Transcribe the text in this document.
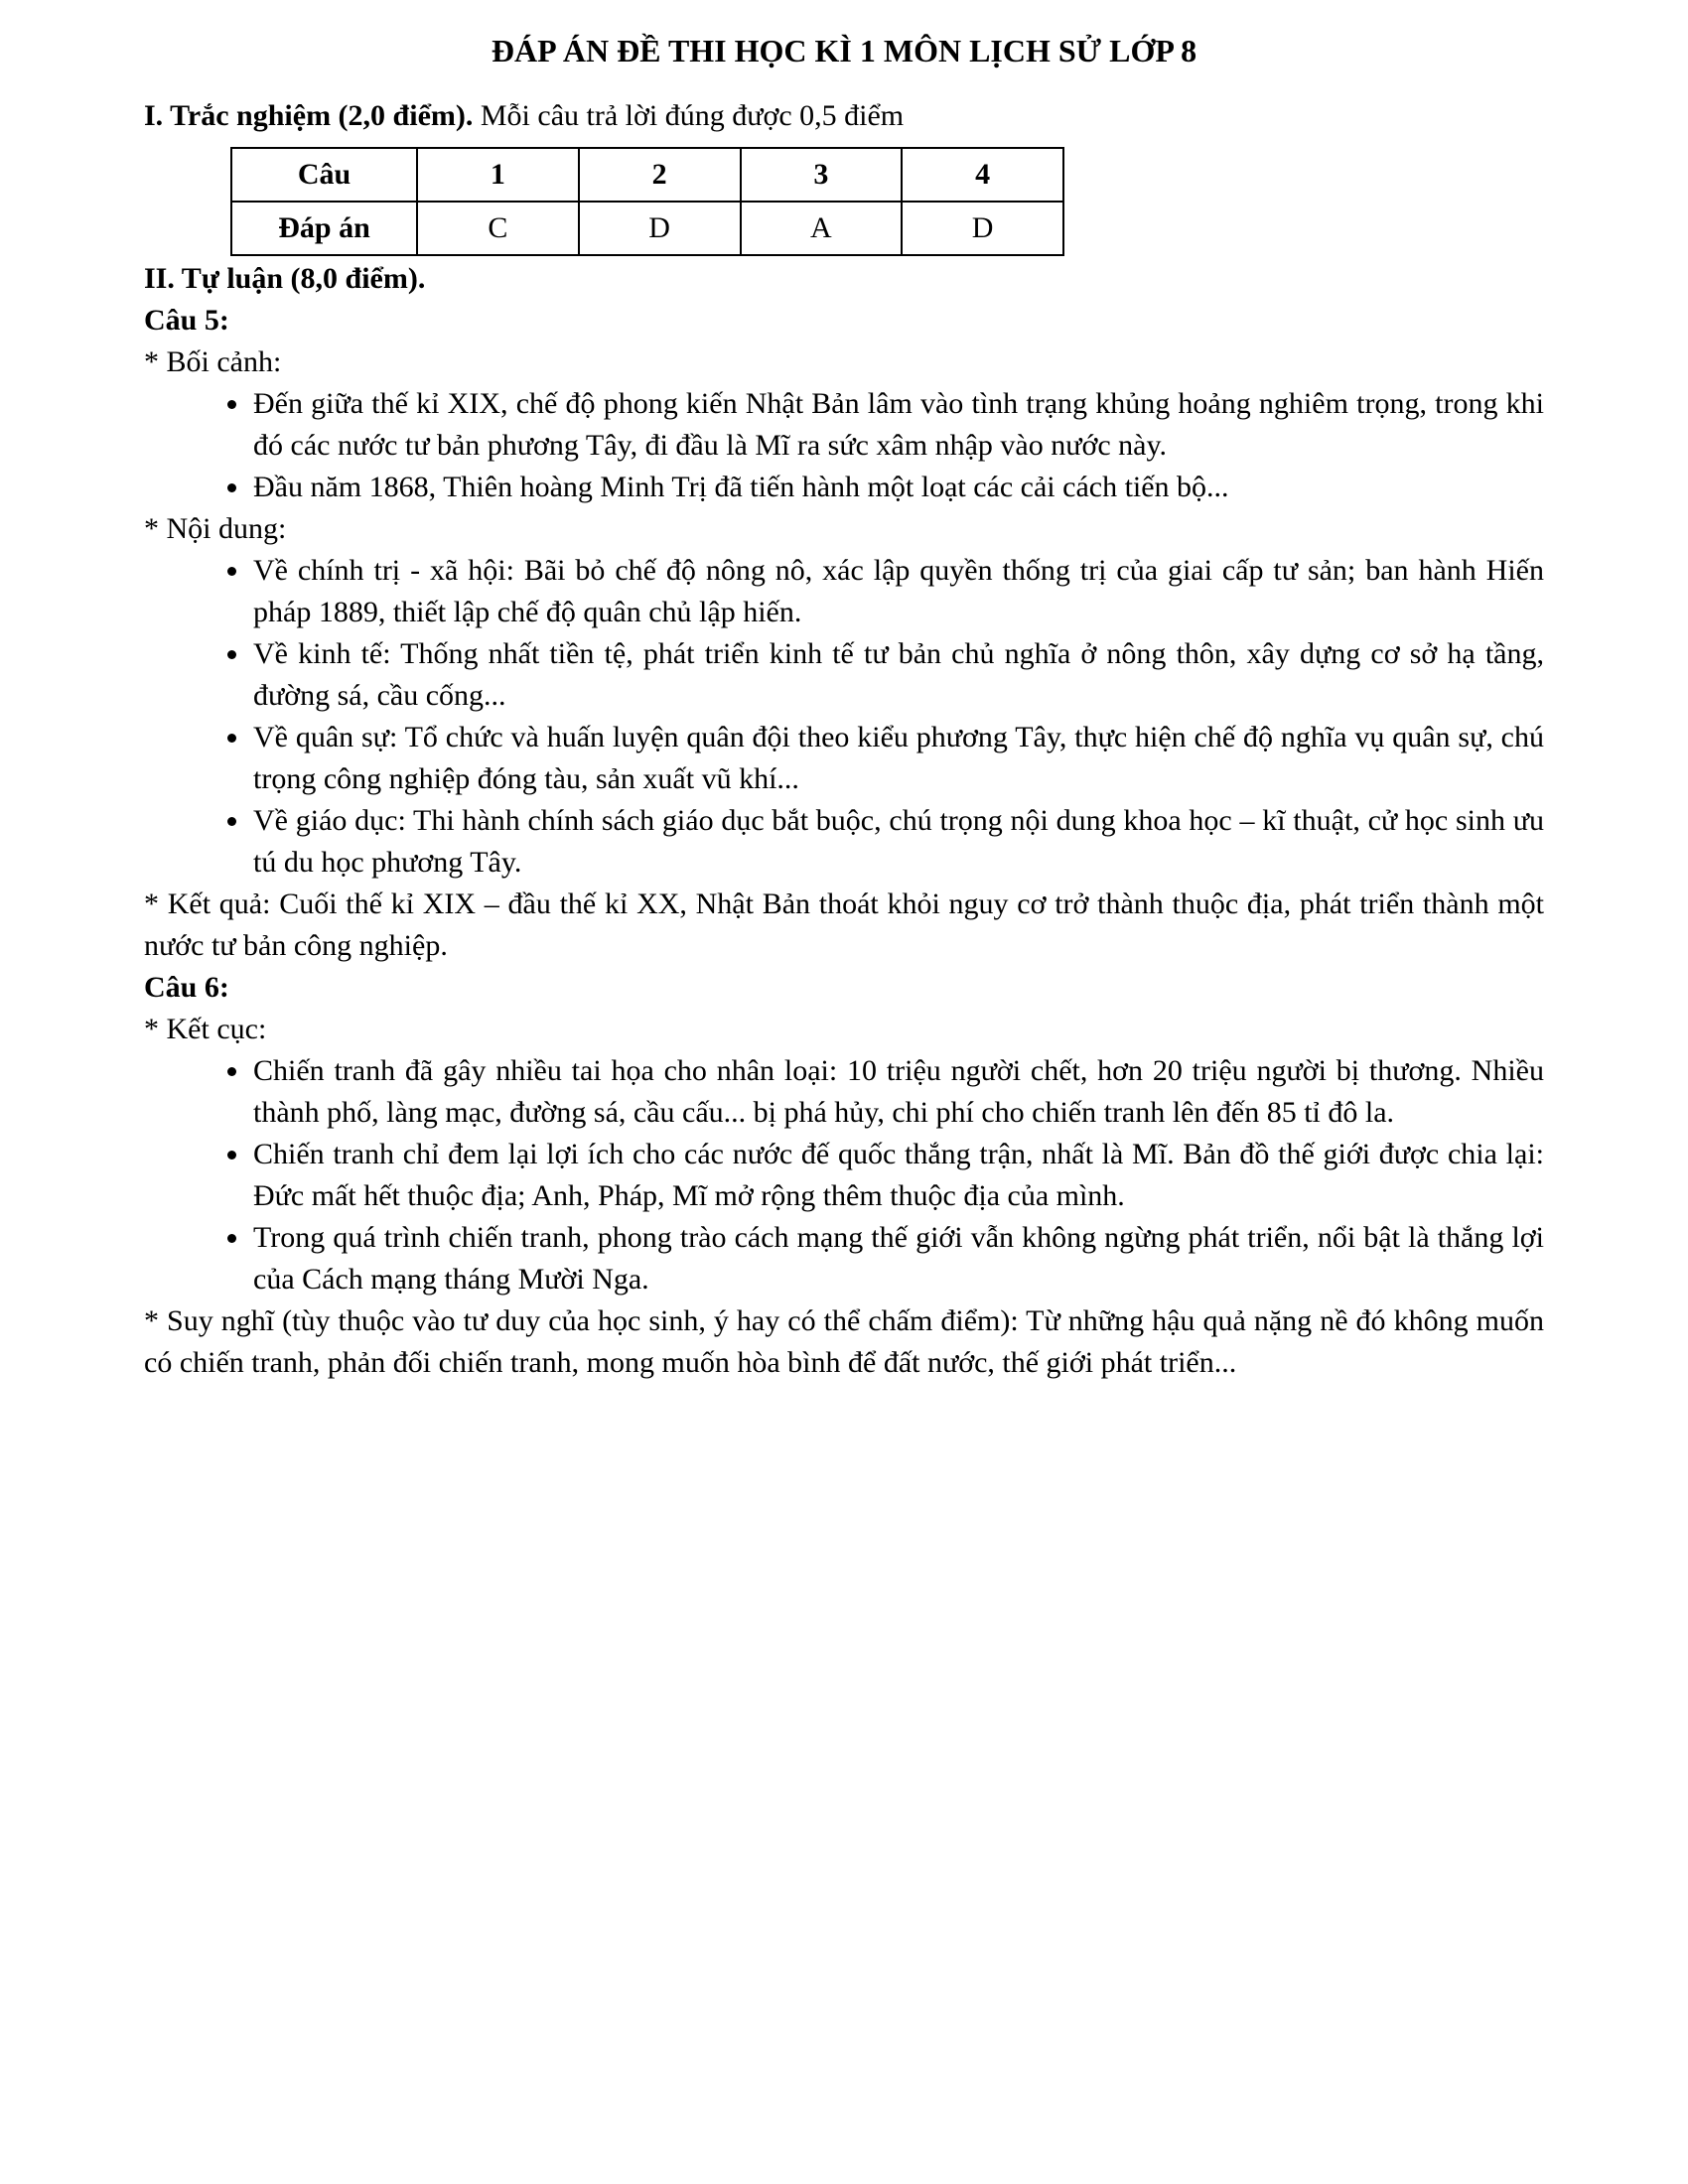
ĐÁP ÁN ĐỀ THI HỌC KÌ 1 MÔN LỊCH SỬ LỚP 8

I. Trắc nghiệm (2,0 điểm). Mỗi câu trả lời đúng được 0,5 điểm

Câu	1	2	3	4
Đáp án	C	D	A	D

II. Tự luận (8,0 điểm).

Câu 5:

* Bối cảnh:

• Đến giữa thế kỉ XIX, chế độ phong kiến Nhật Bản lâm vào tình trạng khủng hoảng nghiêm trọng, trong khi đó các nước tư bản phương Tây, đi đầu là Mĩ ra sức xâm nhập vào nước này.
• Đầu năm 1868, Thiên hoàng Minh Trị đã tiến hành một loạt các cải cách tiến bộ...

* Nội dung:

• Về chính trị - xã hội: Bãi bỏ chế độ nông nô, xác lập quyền thống trị của giai cấp tư sản; ban hành Hiến pháp 1889, thiết lập chế độ quân chủ lập hiến.
• Về kinh tế: Thống nhất tiền tệ, phát triển kinh tế tư bản chủ nghĩa ở nông thôn, xây dựng cơ sở hạ tầng, đường sá, cầu cống...
• Về quân sự: Tổ chức và huấn luyện quân đội theo kiểu phương Tây, thực hiện chế độ nghĩa vụ quân sự, chú trọng công nghiệp đóng tàu, sản xuất vũ khí...
• Về giáo dục: Thi hành chính sách giáo dục bắt buộc, chú trọng nội dung khoa học – kĩ thuật, cử học sinh ưu tú du học phương Tây.

* Kết quả: Cuối thế kỉ XIX – đầu thế kỉ XX, Nhật Bản thoát khỏi nguy cơ trở thành thuộc địa, phát triển thành một nước tư bản công nghiệp.

Câu 6:

* Kết cục:

• Chiến tranh đã gây nhiều tai họa cho nhân loại: 10 triệu người chết, hơn 20 triệu người bị thương. Nhiều thành phố, làng mạc, đường sá, cầu cấu... bị phá hủy, chi phí cho chiến tranh lên đến 85 tỉ đô la.
• Chiến tranh chỉ đem lại lợi ích cho các nước đế quốc thắng trận, nhất là Mĩ. Bản đồ thế giới được chia lại: Đức mất hết thuộc địa; Anh, Pháp, Mĩ mở rộng thêm thuộc địa của mình.
• Trong quá trình chiến tranh, phong trào cách mạng thế giới vẫn không ngừng phát triển, nổi bật là thắng lợi của Cách mạng tháng Mười Nga.

* Suy nghĩ (tùy thuộc vào tư duy của học sinh, ý hay có thể chấm điểm): Từ những hậu quả nặng nề đó không muốn có chiến tranh, phản đối chiến tranh, mong muốn hòa bình để đất nước, thế giới phát triển...
